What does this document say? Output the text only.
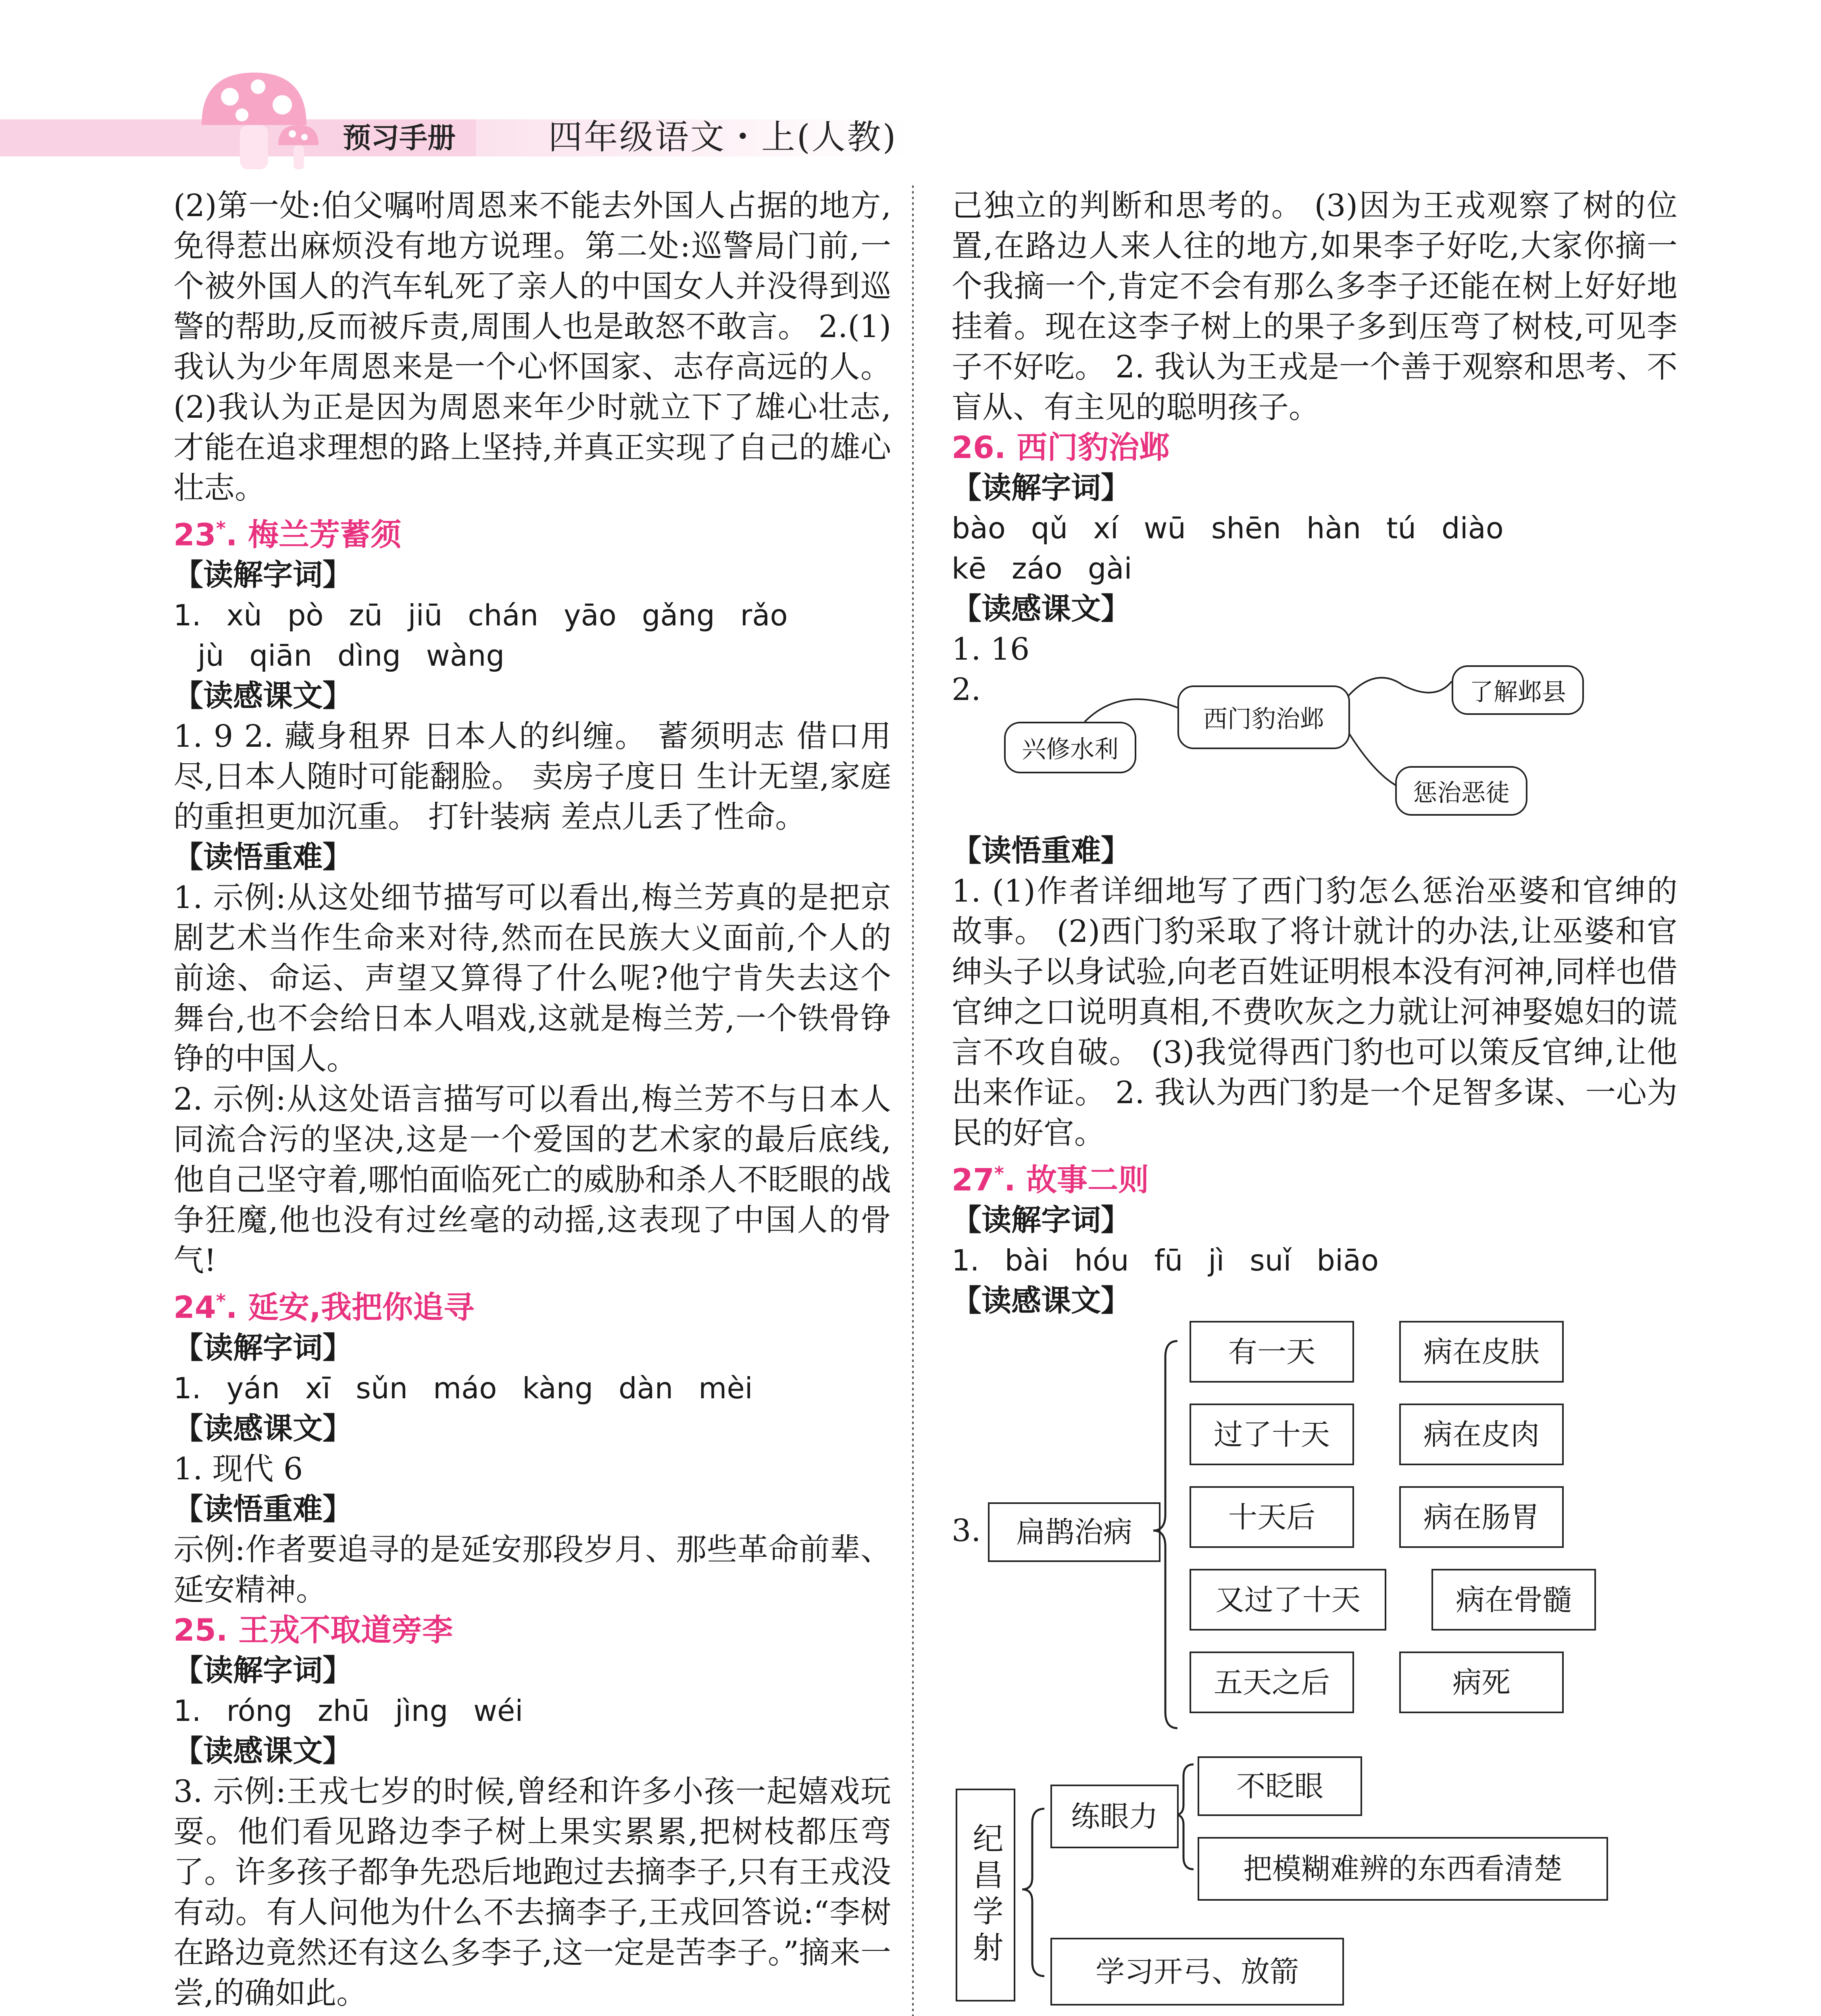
预习手册	四年级语文・上(人教)

(2)第一处:伯父嘱咐周恩来不能去外国人占据的地方,免得惹出麻烦没有地方说理。第二处:巡警局门前,一个被外国人的汽车轧死了亲人的中国女人并没得到巡警的帮助,反而被斥责,周围人也是敢怒不敢言。 2.(1)我认为少年周恩来是一个心怀国家、志存高远的人。 (2)我认为正是因为周恩来年少时就立下了雄心壮志,才能在追求理想的路上坚持,并真正实现了自己的雄心壮志。

23*. 梅兰芳蓄须

【读解字词】

1. xù pò zū jiū chán yāo gǎng rǎo

jù qiān dìng wàng

【读感课文】

1. 9 2. 藏身租界 日本人的纠缠。 蓄须明志 借口用尽,日本人随时可能翻脸。 卖房子度日 生计无望,家庭的重担更加沉重。 打针装病 差点儿丢了性命。

【读悟重难】

1. 示例:从这处细节描写可以看出,梅兰芳真的是把京剧艺术当作生命来对待,然而在民族大义面前,个人的前途、命运、声望又算得了什么呢?他宁肯失去这个舞台,也不会给日本人唱戏,这就是梅兰芳,一个铁骨铮铮的中国人。

2. 示例:从这处语言描写可以看出,梅兰芳不与日本人同流合污的坚决,这是一个爱国的艺术家的最后底线,他自己坚守着,哪怕面临死亡的威胁和杀人不眨眼的战争狂魔,他也没有过丝毫的动摇,这表现了中国人的骨气!

24*. 延安,我把你追寻

【读解字词】

1. yán xī sǔn máo kàng dàn mèi

【读感课文】

1. 现代 6

【读悟重难】

示例:作者要追寻的是延安那段岁月、那些革命前辈、延安精神。

25. 王戎不取道旁李

【读解字词】

1. róng zhū jìng wéi

【读感课文】

3. 示例:王戎七岁的时候,曾经和许多小孩一起嬉戏玩耍。他们看见路边李子树上果实累累,把树枝都压弯了。许多孩子都争先恐后地跑过去摘李子,只有王戎没有动。有人问他为什么不去摘李子,王戎回答说:“李树在路边竟然还有这么多李子,这一定是苦李子。”摘来一尝,的确如此。

己独立的判断和思考的。 (3)因为王戎观察了树的位置,在路边人来人往的地方,如果李子好吃,大家你摘一个我摘一个,肯定不会有那么多李子还能在树上好好地挂着。现在这李子树上的果子多到压弯了树枝,可见李子不好吃。 2. 我认为王戎是一个善于观察和思考、不盲从、有主见的聪明孩子。

26. 西门豹治邺

【读解字词】

bào qǔ xí wū shēn hàn tú diào

kē záo gài

【读感课文】

1. 16

2.
西门豹治邺
兴修水利
了解邺县
惩治恶徒

【读悟重难】

1. (1)作者详细地写了西门豹怎么惩治巫婆和官绅的故事。 (2)西门豹采取了将计就计的办法,让巫婆和官绅头子以身试验,向老百姓证明根本没有河神,同样也借官绅之口说明真相,不费吹灰之力就让河神娶媳妇的谎言不攻自破。 (3)我觉得西门豹也可以策反官绅,让他出来作证。 2. 我认为西门豹是一个足智多谋、一心为民的好官。

27*. 故事二则

【读解字词】

1. bài hóu fū jì suǐ biāo

【读感课文】

3.	扁鹊治病
有一天	病在皮肤
过了十天	病在皮肉
十天后	病在肠胃
又过了十天	病在骨髓
五天之后	病死
纪昌学射
练眼力
不眨眼
把模糊难辨的东西看清楚
学习开弓、放箭
